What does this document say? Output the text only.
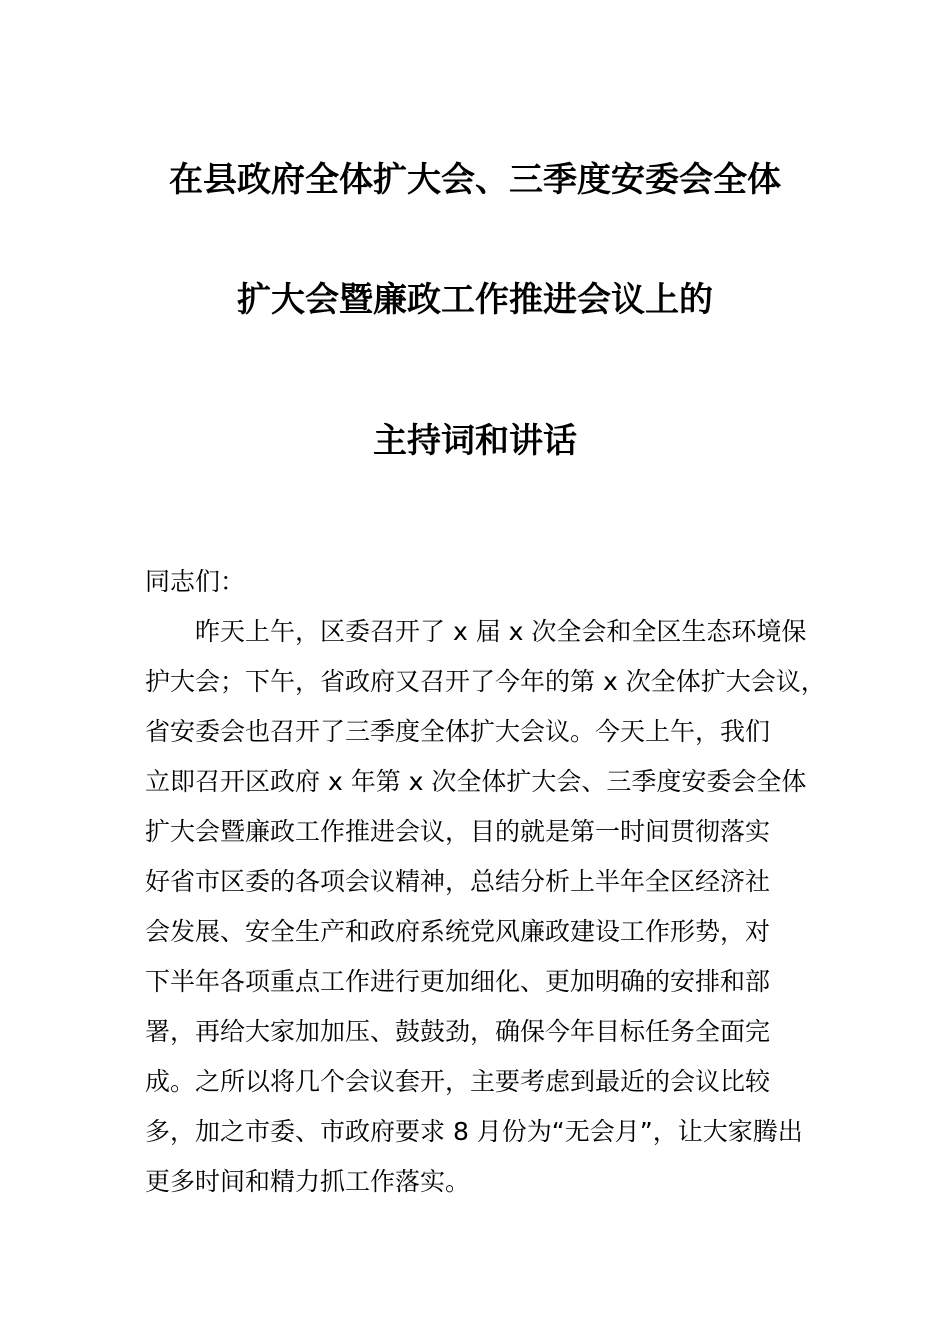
在县政府全体扩大会、三季度安委会全体
扩大会暨廉政工作推进会议上的
主持词和讲话
同志们：
昨天上午，区委召开了 x 届 x 次全会和全区生态环境保
护大会；下午，省政府又召开了今年的第 x 次全体扩大会议，
省安委会也召开了三季度全体扩大会议。今天上午，我们
立即召开区政府 x 年第 x 次全体扩大会、三季度安委会全体
扩大会暨廉政工作推进会议，目的就是第一时间贯彻落实
好省市区委的各项会议精神，总结分析上半年全区经济社
会发展、安全生产和政府系统党风廉政建设工作形势，对
下半年各项重点工作进行更加细化、更加明确的安排和部
署，再给大家加加压、鼓鼓劲，确保今年目标任务全面完
成。之所以将几个会议套开，主要考虑到最近的会议比较
多，加之市委、市政府要求 8 月份为“无会月”，让大家腾出
更多时间和精力抓工作落实。
